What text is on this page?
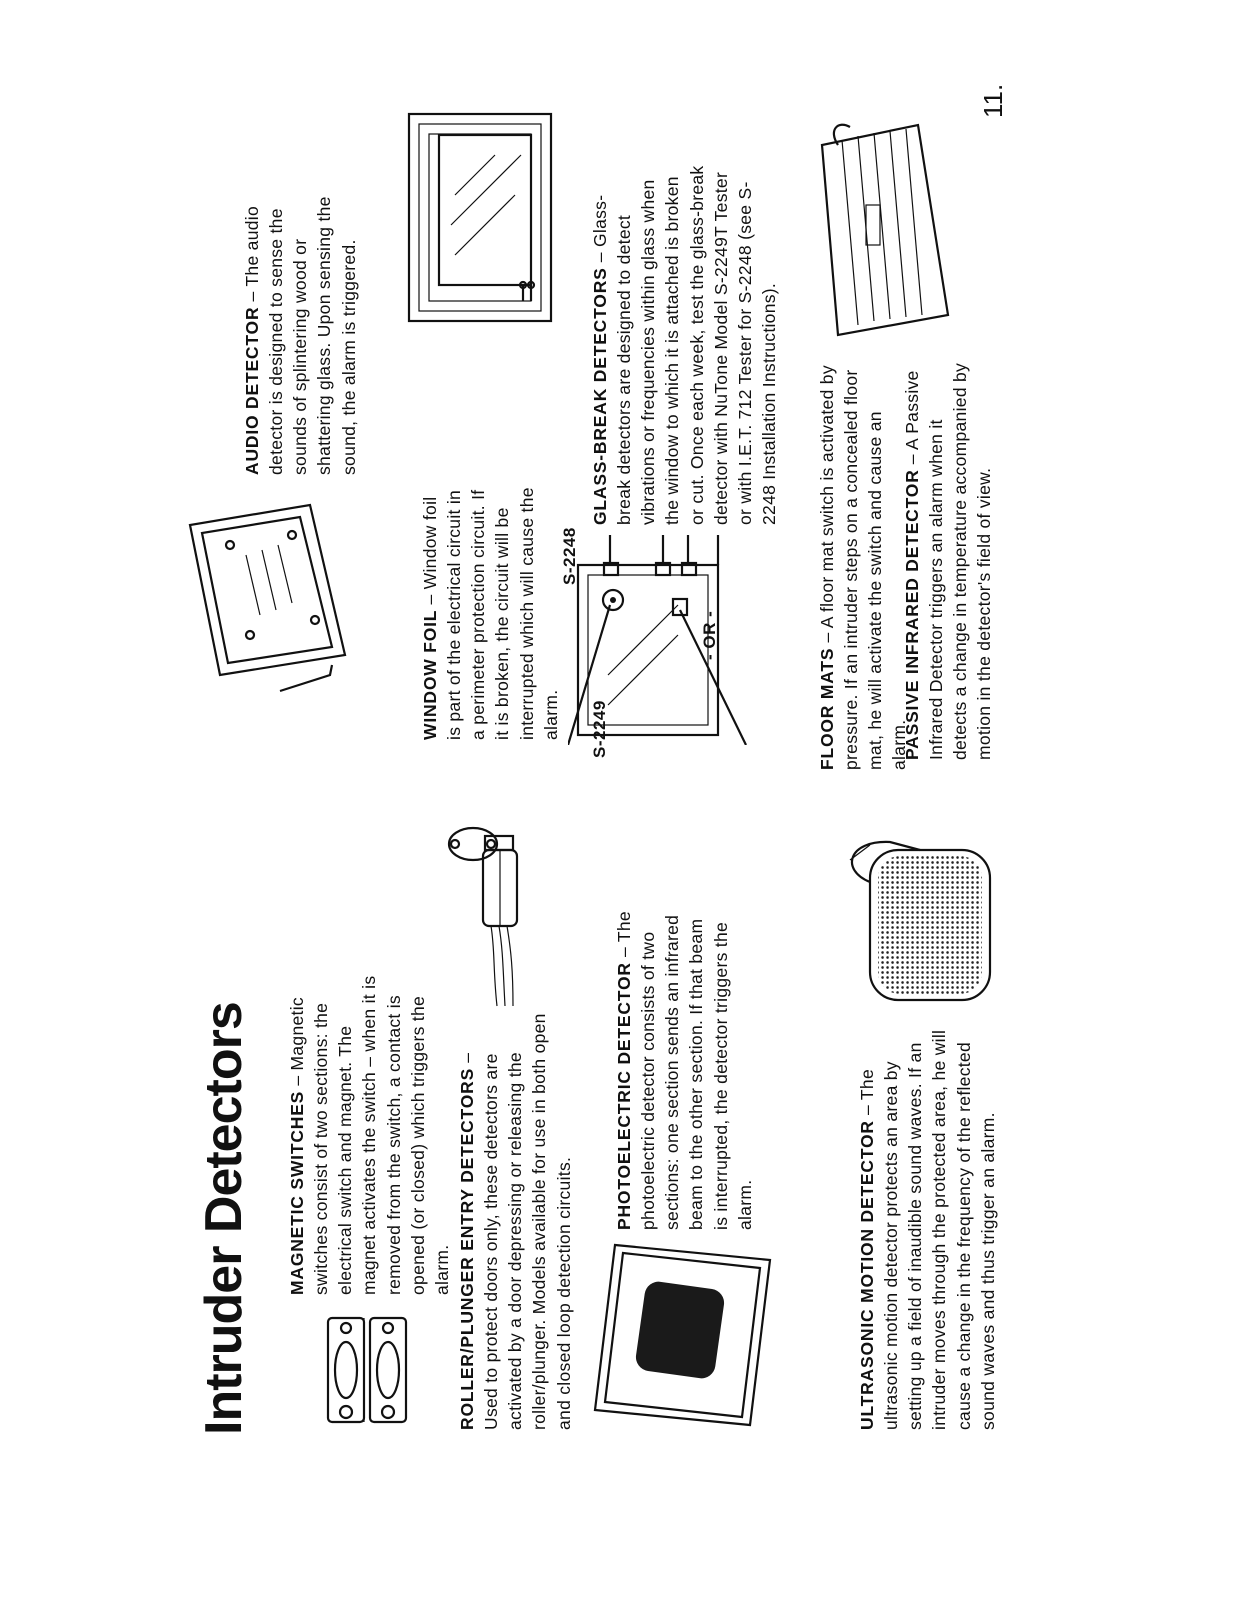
Intruder Detectors MAGNETIC SWITCHES – Magnetic switches consist of two sections: the electrical switch and magnet. The magnet activates the switch – when it is removed from the switch, a contact is opened (or closed) which triggers the alarm. ROLLER/PLUNGER ENTRY DETECTORS – Used to protect doors only, these detectors are activated by a door depressing or releasing the roller/plunger. Models available for use in both open and closed loop detection circuits.

PHOTOELECTRIC DETECTOR – The photoelectric detector consists of two sections: one section sends an infrared beam to the other section. If that beam is interrupted, the detector triggers the alarm.	ULTRASONIC MOTION DETECTOR – The ultrasonic motion detector protects an area by setting up a field of inaudible sound waves. If an intruder moves through the protected area, he will cause a change in the frequency of the reflected sound waves and thus trigger an alarm.

AUDIO DETECTOR – The audio detector is designed to sense the sounds of splintering wood or shattering glass. Upon sensing the sound, the alarm is triggered.

WINDOW FOIL – Window foil is part of the electrical circuit in a perimeter protection circuit. If it is broken, the circuit will be interrupted which will cause the alarm. S-2249
S-2248
- OR -

GLASS-BREAK DETECTORS – Glass-break detectors are designed to detect vibrations or frequencies within glass when the window to which it is attached is broken or cut. Once each week, test the glass-break detector with NuTone Model S-2249T Tester or with I.E.T. 712 Tester for S-2248 (see S-2248 Installation Instructions).

FLOOR MATS – A floor mat switch is activated by pressure. If an intruder steps on a concealed floor mat, he will activate the switch and cause an alarm.

PASSIVE INFRARED DETECTOR – A Passive Infrared Detector triggers an alarm when it detects a change in temperature accompanied by motion in the detector's field of view.

11.
